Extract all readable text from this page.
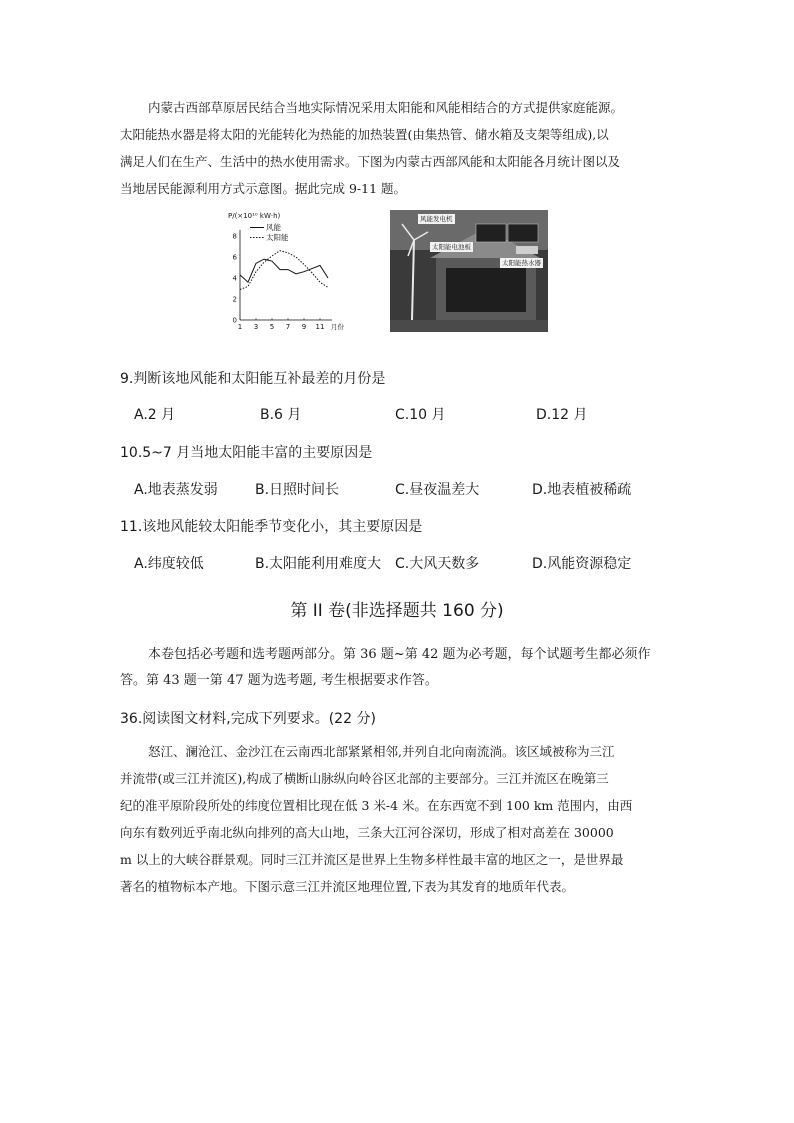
内蒙古西部草原居民结合当地实际情况采用太阳能和风能相结合的方式提供家庭能源。
太阳能热水器是将太阳的光能转化为热能的加热装置(由集热管、储水箱及支架等组成),以
满足人们在生产、生活中的热水使用需求。下图为内蒙古西部风能和太阳能各月统计图以及
当地居民能源利用方式示意图。据此完成 9-11 题。
P/(×10¹⁰ kW·h)
风能
太阳能
0
2
4
6
8
1 3 5 7 9 11 月份
风能发电机
太阳能电池板
太阳能热水器

9.判断该地风能和太阳能互补最差的月份是

A.2 月	B.6 月	C.10 月	D.12 月

10.5~7 月当地太阳能丰富的主要原因是

A.地表蒸发弱	B.日照时间长	C.昼夜温差大	D.地表植被稀疏

11.该地风能较太阳能季节变化小，其主要原因是

A.纬度较低	B.太阳能利用难度大 C.大风天数多	D.风能资源稳定
第 II 卷(非选择题共 160 分)
本卷包括必考题和选考题两部分。第 36 题~第 42 题为必考题，每个试题考生都必须作
答。第 43 题一第 47 题为选考题, 考生根据要求作答。

36.阅读图文材料,完成下列要求。(22 分)

怒江、澜沧江、金沙江在云南西北部紧紧相邻,并列自北向南流淌。该区域被称为三江
并流带(或三江并流区),构成了横断山脉纵向岭谷区北部的主要部分。三江并流区在晚第三
纪的准平原阶段所处的纬度位置相比现在低 3 米-4 米。在东西宽不到 100 km 范围内，由西
向东有数列近乎南北纵向排列的高大山地，三条大江河谷深切，形成了相对高差在 30000
m 以上的大峡谷群景观。同时三江并流区是世界上生物多样性最丰富的地区之一，是世界最
著名的植物标本产地。下图示意三江并流区地理位置,下表为其发育的地质年代表。
